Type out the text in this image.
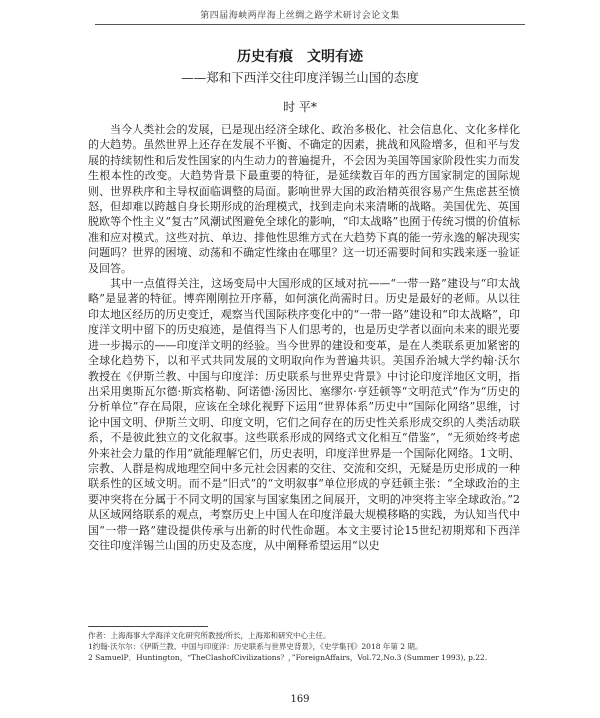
第四届海峡两岸海上丝绸之路学术研讨会论文集
历史有痕　文明有迹
——郑和下西洋交往印度洋锡兰山国的态度
时 平*

当今人类社会的发展，已是现出经济全球化、政治多极化、社会信息化、文化多样化的大趋势。虽然世界上还存在发展不平衡、不确定的因素，挑战和风险增多，但和平与发展的持续韧性和后发性国家的内生动力的普遍提升，不会因为美国等国家阶段性实力而发生根本性的改变。大趋势背景下最重要的特征，是延续数百年的西方国家制定的国际规则、世界秩序和主导权面临调整的局面。影响世界大国的政治精英很容易产生焦虑甚至愤怒，但却难以跨越自身长期形成的治理模式，找到走向未来清晰的战略。美国优先、英国脱欧等个性主义“复古”风潮试图避免全球化的影响，“印太战略”也囿于传统习惯的价值标准和应对模式。这些对抗、单边、排他性思维方式在大趋势下真的能一劳永逸的解决现实问题吗？世界的困境、动荡和不确定性缘由在哪里？这一切还需要时间和实践来逐一验证及回答。

其中一点值得关注，这场变局中大国形成的区域对抗——“一带一路”建设与“印太战略”是显著的特征。博弈刚刚拉开序幕，如何演化尚需时日。历史是最好的老师。从以往印太地区经历的历史变迁，观察当代国际秩序变化中的“一带一路”建设和“印太战略”，印度洋文明中留下的历史痕迹，是值得当下人们思考的，也是历史学者以面向未来的眼光要进一步揭示的——印度洋文明的经验。当今世界的建设和变革，是在人类联系更加紧密的全球化趋势下，以和平式共同发展的文明取向作为普遍共识。美国乔治城大学约翰·沃尔教授在《伊斯兰教、中国与印度洋：历史联系与世界史背景》中讨论印度洋地区文明，指出采用奥斯瓦尔德·斯宾格勒、阿诺德·汤因比、塞缪尔·亨廷顿等“文明范式”作为“历史的分析单位”存在局限，应该在全球化视野下运用“世界体系”历史中“国际化网络”思维，讨论中国文明、伊斯兰文明、印度文明，它们之间存在的历史性关系形成交织的人类活动联系，不是彼此独立的文化叙事。这些联系形成的网络式文化相互“借鉴”，“无须始终考虑外来社会力量的作用”就能理解它们，历史表明，印度洋世界是一个国际化网络。1文明、宗教、人群是构成地理空间中多元社会因素的交往、交流和交织，无疑是历史形成的一种联系性的区域文明。而不是“旧式”的“文明叙事”单位形成的亨廷顿主张：“全球政治的主要冲突将在分属于不同文明的国家与国家集团之间展开，文明的冲突将主宰全球政治。”2从区域网络联系的观点，考察历史上中国人在印度洋最大规模移略的实践，为认知当代中国“一带一路”建设提供传承与出新的时代性命题。本文主要讨论15世纪初期郑和下西洋交往印度洋锡兰山国的历史及态度，从中阐释希望运用“以史

作者：上海海事大学海洋文化研究所教授/所长，上海郑和研究中心主任。
1约翰·沃尔尔：《伊斯兰教、中国与印度洋：历史联系与世界史背景》，《史学集刊》2018 年第 2 期。
2 SamuelP．Huntington，“TheClashofCivilizations？，”ForeignAffairs，Vol.72,No.3 (Summer 1993), p.22.
169
